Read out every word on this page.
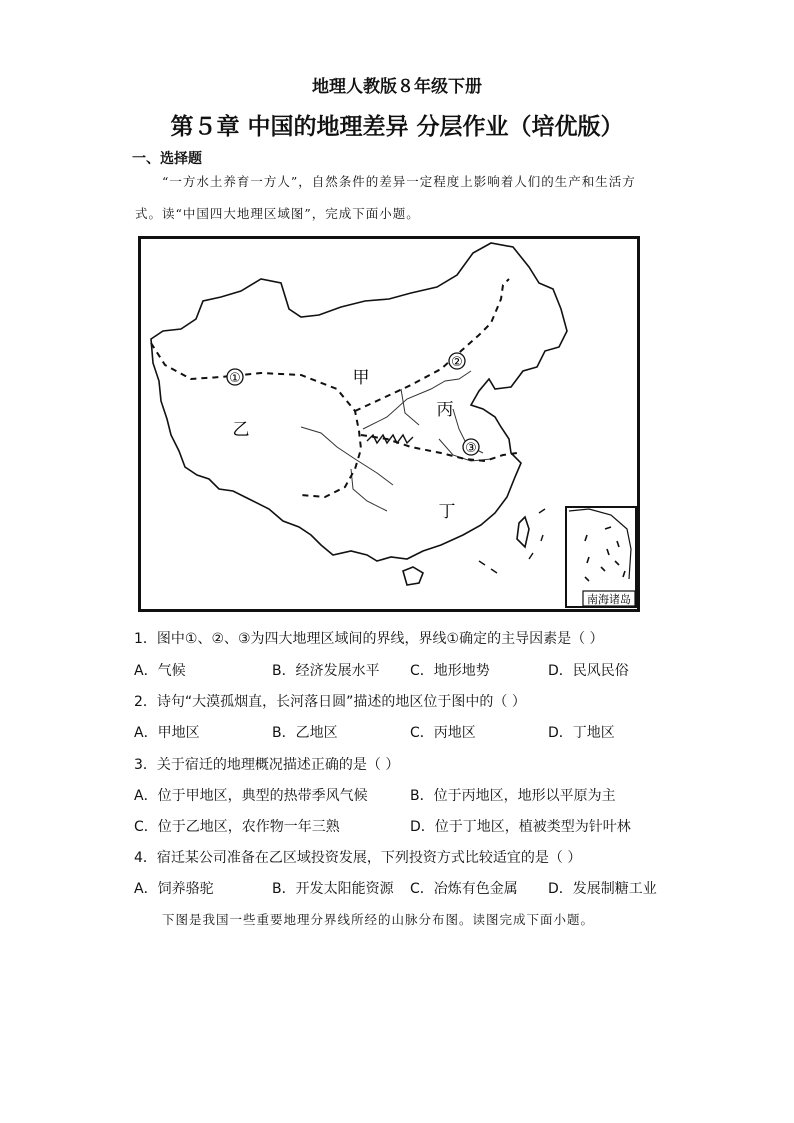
地理人教版８年级下册
第５章 中国的地理差异 分层作业（培优版）
一、选择题
“一方水土养育一方人”，自然条件的差异一定程度上影响着人们的生产和生活方
式。读“中国四大地理区域图”，完成下面小题。
①
②
③
甲
乙
丙
丁
南海诸岛
1．图中①、②、③为四大地理区域间的界线，界线①确定的主导因素是（ ）
A．气候	B．经济发展水平 C．地形地势	D．民风民俗
2．诗句“大漠孤烟直，长河落日圆”描述的地区位于图中的（ ）
A．甲地区	B．乙地区	C．丙地区	D．丁地区
3．关于宿迁的地理概况描述正确的是（ ）
A．位于甲地区，典型的热带季风气候	B．位于丙地区，地形以平原为主
C．位于乙地区，农作物一年三熟	D．位于丁地区，植被类型为针叶林
4．宿迁某公司准备在乙区域投资发展，下列投资方式比较适宜的是（ ）
A．饲养骆驼	B．开发太阳能资源 C．冶炼有色金属 D．发展制糖工业
下图是我国一些重要地理分界线所经的山脉分布图。读图完成下面小题。
